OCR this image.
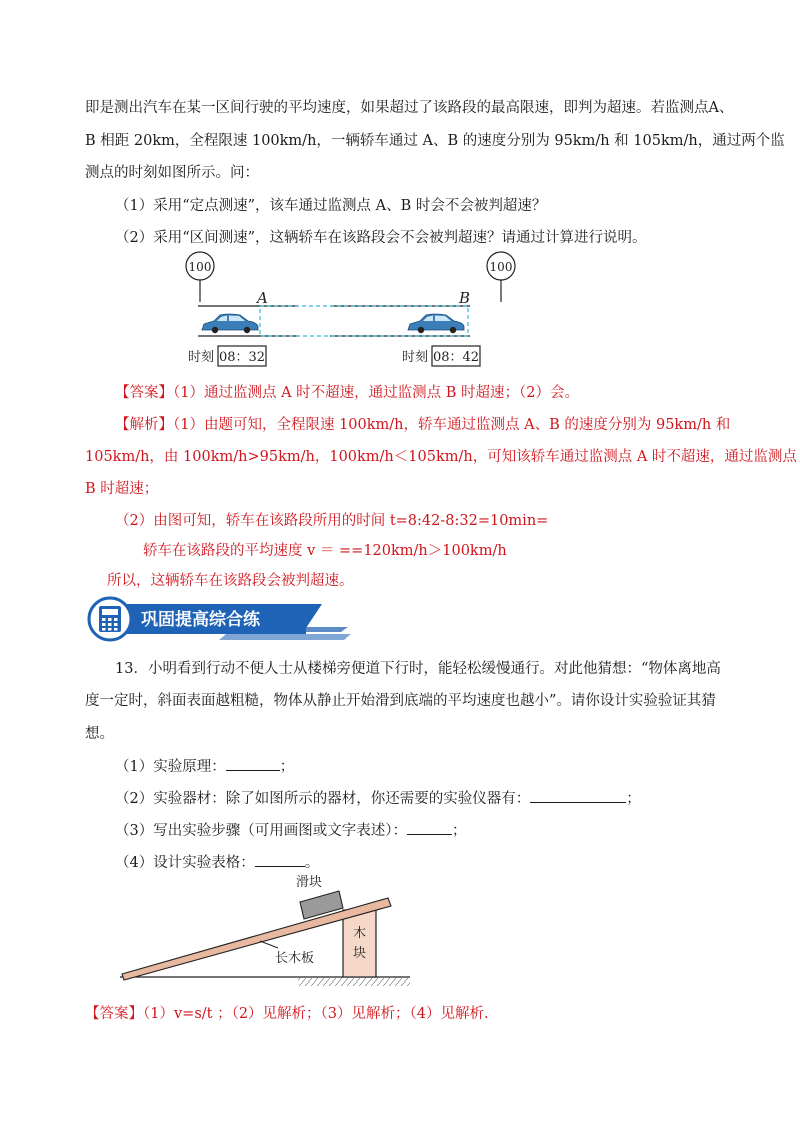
即是测出汽车在某一区间行驶的平均速度，如果超过了该路段的最高限速，即判为超速。若监测点A、
B 相距 20km，全程限速 100km/h，一辆轿车通过 A、B 的速度分别为 95km/h 和 105km/h，通过两个监
测点的时刻如图所示。问：
（1）采用“定点测速”，该车通过监测点 A、B 时会不会被判超速？
（2）采用“区间测速”，这辆轿车在该路段会不会被判超速？请通过计算进行说明。
100	100
A	B
时刻 08：32	时刻 08：42
【答案】（1）通过监测点 A 时不超速，通过监测点 B 时超速；（2）会。
【解析】（1）由题可知，全程限速 100km/h，轿车通过监测点 A、B 的速度分别为 95km/h 和
105km/h，由 100km/h>95km/h，100km/h＜105km/h，可知该轿车通过监测点 A 时不超速，通过监测点
B 时超速；
（2）由图可知，轿车在该路段所用的时间 t=8:42-8:32=10min=
轿车在该路段的平均速度 v ＝ ==120km/h＞100km/h
所以，这辆轿车在该路段会被判超速。
巩固提高综合练
13．小明看到行动不便人士从楼梯旁便道下行时，能轻松缓慢通行。对此他猜想：“物体离地高
度一定时，斜面表面越粗糙，物体从静止开始滑到底端的平均速度也越小”。请你设计实验验证其猜
想。
（1）实验原理：	；
（2）实验器材：除了如图所示的器材，你还需要的实验仪器有：	；
（3）写出实验步骤（可用画图或文字表述）：	；
（4）设计实验表格：	。
木
块
滑块
长木板
【答案】（1）v=s/t ；（2）见解析；（3）见解析；（4）见解析.
